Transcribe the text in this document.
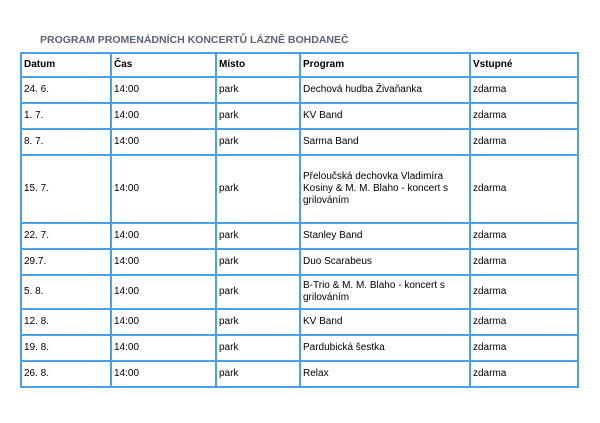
PROGRAM PROMENÁDNÍCH KONCERTŮ LÁZNĚ BOHDANEČ
Datum	Čas	Místo	Program	Vstupné
24. 6.	14:00	park	Dechová hudba Živaňanka	zdarma
1. 7.	14:00	park	KV Band	zdarma
8. 7.	14:00	park	Sarma Band	zdarma
15. 7.	14:00	park	Přeloučská dechovka Vladimíra Kosiny & M. M. Blaho - koncert s grilováním	zdarma
22. 7.	14:00	park	Stanley Band	zdarma
29.7.	14:00	park	Duo Scarabeus	zdarma
5. 8.	14:00	park	B-Trio & M. M. Blaho - koncert s grilováním	zdarma
12. 8.	14:00	park	KV Band	zdarma
19. 8.	14:00	park	Pardubická šestka	zdarma
26. 8.	14:00	park	Relax	zdarma
